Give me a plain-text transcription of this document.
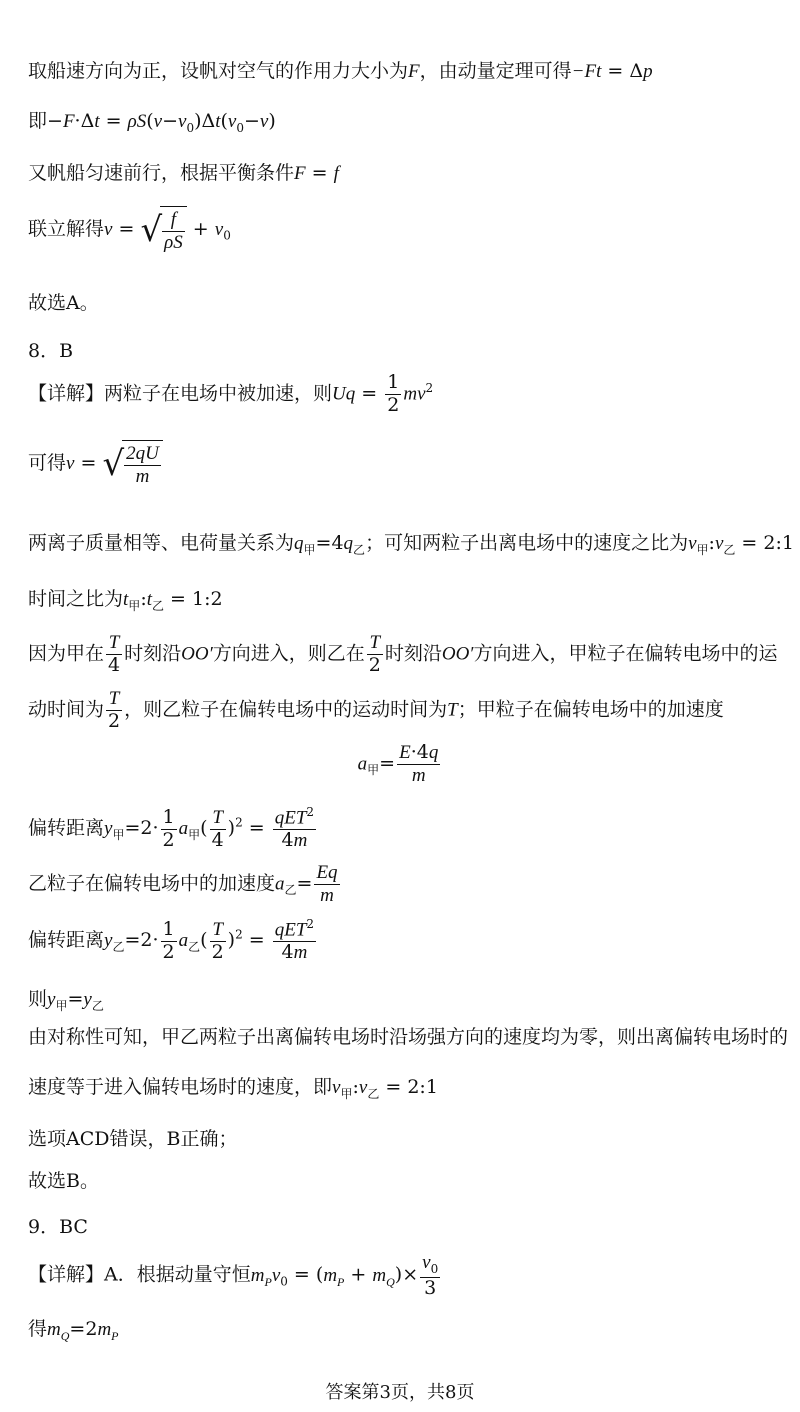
取船速方向为正，设帆对空气的作用力大小为F，由动量定理可得−Ft = Δp
即$-F\cdot\Delta t = \rho S(v-v_0)\Delta t(v_0-v)$
又帆船匀速前行，根据平衡条件F = f
联立解得v = √ $\frac{f}{\rho S} + v_0$
故选A。
8．B
【详解】两粒子在电场中被加速，则$Uq = \frac{1}{2} mv^2$
可得v = √ $\frac{2qU}{m}$
两离子质量相等、电荷量关系为$q_甲=4q_乙$；可知两粒子出离电场中的速度之比为$v_甲:v_乙$ = 2:1
时间之比为$t_甲:t_乙$ = 1:2
因为甲在 $\frac{T}{4}$ 时刻沿OO′方向进入，则乙在 $\frac{T}{2}$ 时刻沿OO′方向进入，甲粒子在偏转电场中的运
动时间为 $\frac{T}{2}$ ，则乙粒子在偏转电场中的运动时间为T；甲粒子在偏转电场中的加速度
$a_甲= \frac{E\cdot 4q}{m}$
偏转距离$y_甲=2\cdot \frac{1}{2} a_甲( \frac{T}{4} )^2 = \frac{qET^2}{4m}$
乙粒子在偏转电场中的加速度$a_乙= \frac{Eq}{m}$
偏转距离$y_乙=2\cdot \frac{1}{2} a_乙( \frac{T}{2} )^2 = \frac{qET^2}{4m}$
则$y_甲=y_乙$
由对称性可知，甲乙两粒子出离偏转电场时沿场强方向的速度均为零，则出离偏转电场时的
速度等于进入偏转电场时的速度，即$v_甲:v_乙$ = 2:1
选项ACD错误，B正确；
故选B。
9．BC
【详解】A．根据动量守恒$m_Pv_0 = (m_P + m_Q)\times \frac{v_0}{3}$
得$m_Q=2m_P$
答案第3页，共8页
